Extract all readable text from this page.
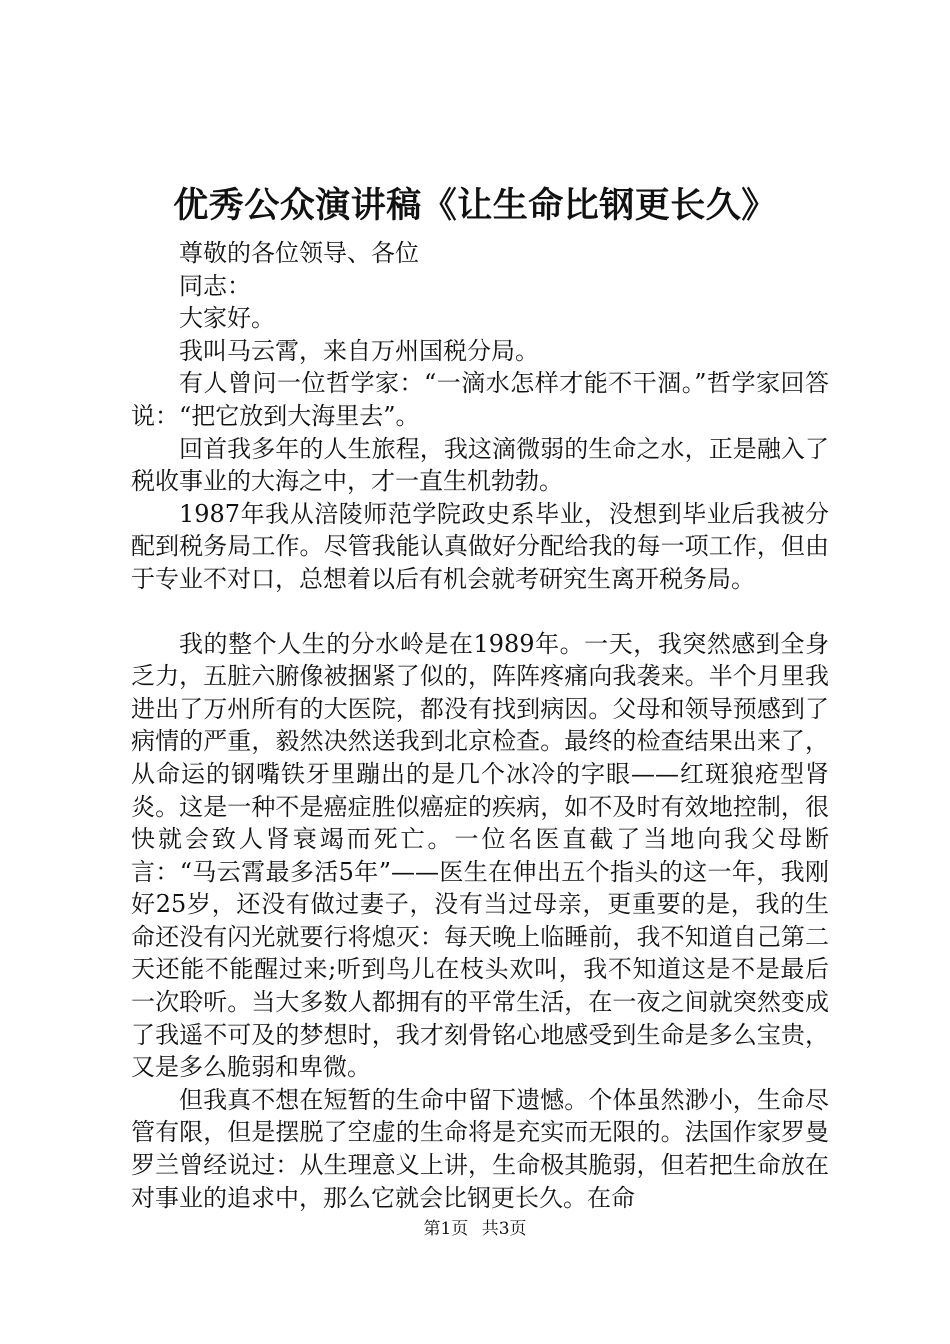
优秀公众演讲稿《让生命比钢更长久》

尊敬的各位领导、各位

同志：

大家好。

我叫马云霄，来自万州国税分局。

有人曾问一位哲学家：“一滴水怎样才能不干涸。”哲学家回答说：“把它放到大海里去”。

回首我多年的人生旅程，我这滴微弱的生命之水，正是融入了税收事业的大海之中，才一直生机勃勃。

1987年我从涪陵师范学院政史系毕业，没想到毕业后我被分配到税务局工作。尽管我能认真做好分配给我的每一项工作，但由于专业不对口，总想着以后有机会就考研究生离开税务局。

我的整个人生的分水岭是在1989年。一天，我突然感到全身乏力，五脏六腑像被捆紧了似的，阵阵疼痛向我袭来。半个月里我进出了万州所有的大医院，都没有找到病因。父母和领导预感到了病情的严重，毅然决然送我到北京检查。最终的检查结果出来了，从命运的钢嘴铁牙里蹦出的是几个冰冷的字眼——红斑狼疮型肾炎。这是一种不是癌症胜似癌症的疾病，如不及时有效地控制，很快就会致人肾衰竭而死亡。一位名医直截了当地向我父母断言：“马云霄最多活5年”——医生在伸出五个指头的这一年，我刚好25岁，还没有做过妻子，没有当过母亲，更重要的是，我的生命还没有闪光就要行将熄灭：每天晚上临睡前，我不知道自己第二天还能不能醒过来;听到鸟儿在枝头欢叫，我不知道这是不是最后一次聆听。当大多数人都拥有的平常生活，在一夜之间就突然变成了我遥不可及的梦想时，我才刻骨铭心地感受到生命是多么宝贵，又是多么脆弱和卑微。

但我真不想在短暂的生命中留下遗憾。个体虽然渺小，生命尽管有限，但是摆脱了空虚的生命将是充实而无限的。法国作家罗曼罗兰曾经说过：从生理意义上讲，生命极其脆弱，但若把生命放在对事业的追求中，那么它就会比钢更长久。在命

第1页 共3页
